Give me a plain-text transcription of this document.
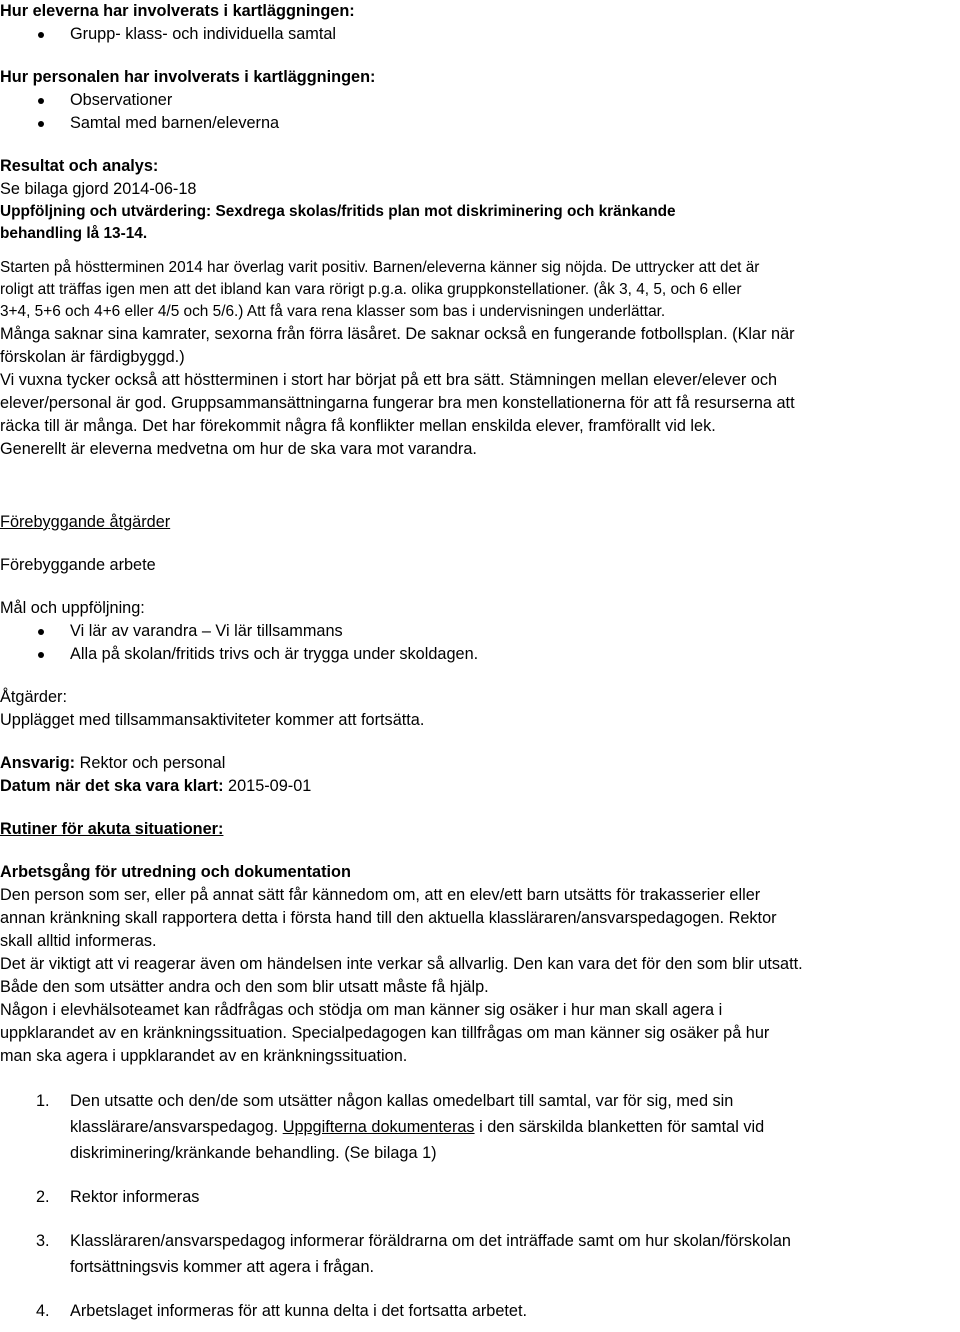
Hur eleverna har involverats i kartläggningen:

Grupp- klass- och individuella samtal

Hur personalen har involverats i kartläggningen:

Observationer
Samtal med barnen/eleverna

Resultat och analys:

Se bilaga gjord 2014-06-18

Uppföljning och utvärdering: Sexdrega skolas/fritids plan mot diskriminering och kränkande

behandling lå 13-14.

Starten på höstterminen 2014 har överlag varit positiv. Barnen/eleverna känner sig nöjda. De uttrycker att det är

roligt att träffas igen men att det ibland kan vara rörigt p.g.a. olika gruppkonstellationer. (åk 3, 4, 5, och 6 eller

3+4, 5+6 och 4+6 eller 4/5 och 5/6.) Att få vara rena klasser som bas i undervisningen underlättar.

Många saknar sina kamrater, sexorna från förra läsåret. De saknar också en fungerande fotbollsplan. (Klar när

förskolan är färdigbyggd.)

Vi vuxna tycker också att höstterminen i stort har börjat på ett bra sätt. Stämningen mellan elever/elever och

elever/personal är god. Gruppsammansättningarna fungerar bra men konstellationerna för att få resurserna att

räcka till är många. Det har förekommit några få konflikter mellan enskilda elever, framförallt vid lek.

Generellt är eleverna medvetna om hur de ska vara mot varandra.

Förebyggande åtgärder

Förebyggande arbete

Mål och uppföljning:

Vi lär av varandra – Vi lär tillsammans
Alla på skolan/fritids trivs och är trygga under skoldagen.

Åtgärder:

Upplägget med tillsammansaktiviteter kommer att fortsätta.

Ansvarig: Rektor och personal

Datum när det ska vara klart: 2015-09-01

Rutiner för akuta situationer:

Arbetsgång för utredning och dokumentation

Den person som ser, eller på annat sätt får kännedom om, att en elev/ett barn utsätts för trakasserier eller

annan kränkning skall rapportera detta i första hand till den aktuella klassläraren/ansvarspedagogen. Rektor

skall alltid informeras.

Det är viktigt att vi reagerar även om händelsen inte verkar så allvarlig. Den kan vara det för den som blir utsatt.

Både den som utsätter andra och den som blir utsatt måste få hjälp.

Någon i elevhälsoteamet kan rådfrågas och stödja om man känner sig osäker i hur man skall agera i

uppklarandet av en kränkningssituation. Specialpedagogen kan tillfrågas om man känner sig osäker på hur

man ska agera i uppklarandet av en kränkningssituation.

1. Den utsatte och den/de som utsätter någon kallas omedelbart till samtal, var för sig, med sin
klasslärare/ansvarspedagog. Uppgifterna dokumenteras i den särskilda blanketten för samtal vid
diskriminering/kränkande behandling. (Se bilaga 1)
2. Rektor informeras
3. Klassläraren/ansvarspedagog informerar föräldrarna om det inträffade samt om hur skolan/förskolan
fortsättningsvis kommer att agera i frågan.
4. Arbetslaget informeras för att kunna delta i det fortsatta arbetet.
